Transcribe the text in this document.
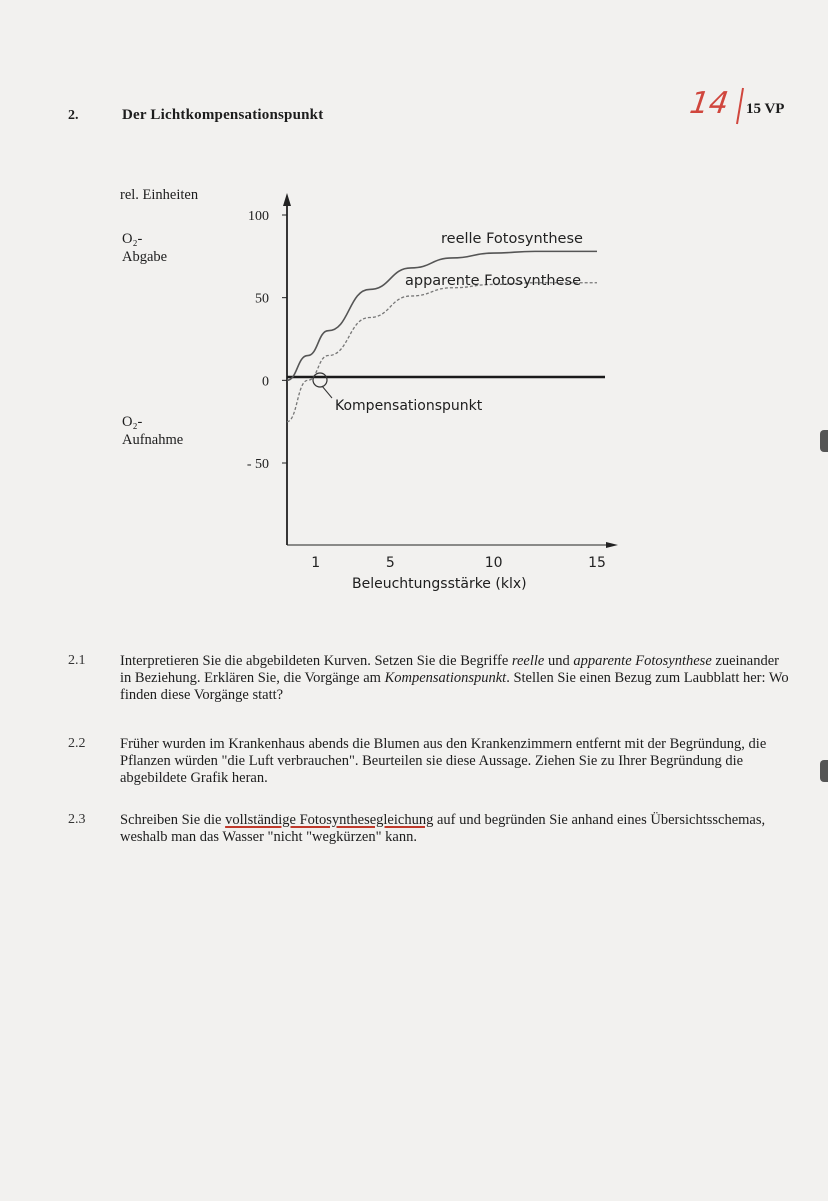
2.	Der Lichtkompensationspunkt	14 15 VP
rel. Einheiten
O₂-
Abgabe
O₂-
Aufnahme
100
50
0
- 50
1	5	10	15
reelle Fotosynthese
apparente Fotosynthese
Kompensationspunkt
Beleuchtungsstärke (klx)
2.1 Interpretieren Sie die abgebildeten Kurven. Setzen Sie die Begriffe reelle und apparente Fotosynthese zueinander in Beziehung. Erklären Sie, die Vorgänge am Kompensationspunkt. Stellen Sie einen Bezug zum Laubblatt her: Wo finden diese Vorgänge statt?
2.2 Früher wurden im Krankenhaus abends die Blumen aus den Krankenzimmern entfernt mit der Begründung, die Pflanzen würden "die Luft verbrauchen". Beurteilen sie diese Aussage. Ziehen Sie zu Ihrer Begründung die abgebildete Grafik heran.
2.3 Schreiben Sie die vollständige Fotosynthesegleichung auf und begründen Sie anhand eines Übersichtsschemas, weshalb man das Wasser "nicht "wegkürzen" kann.
